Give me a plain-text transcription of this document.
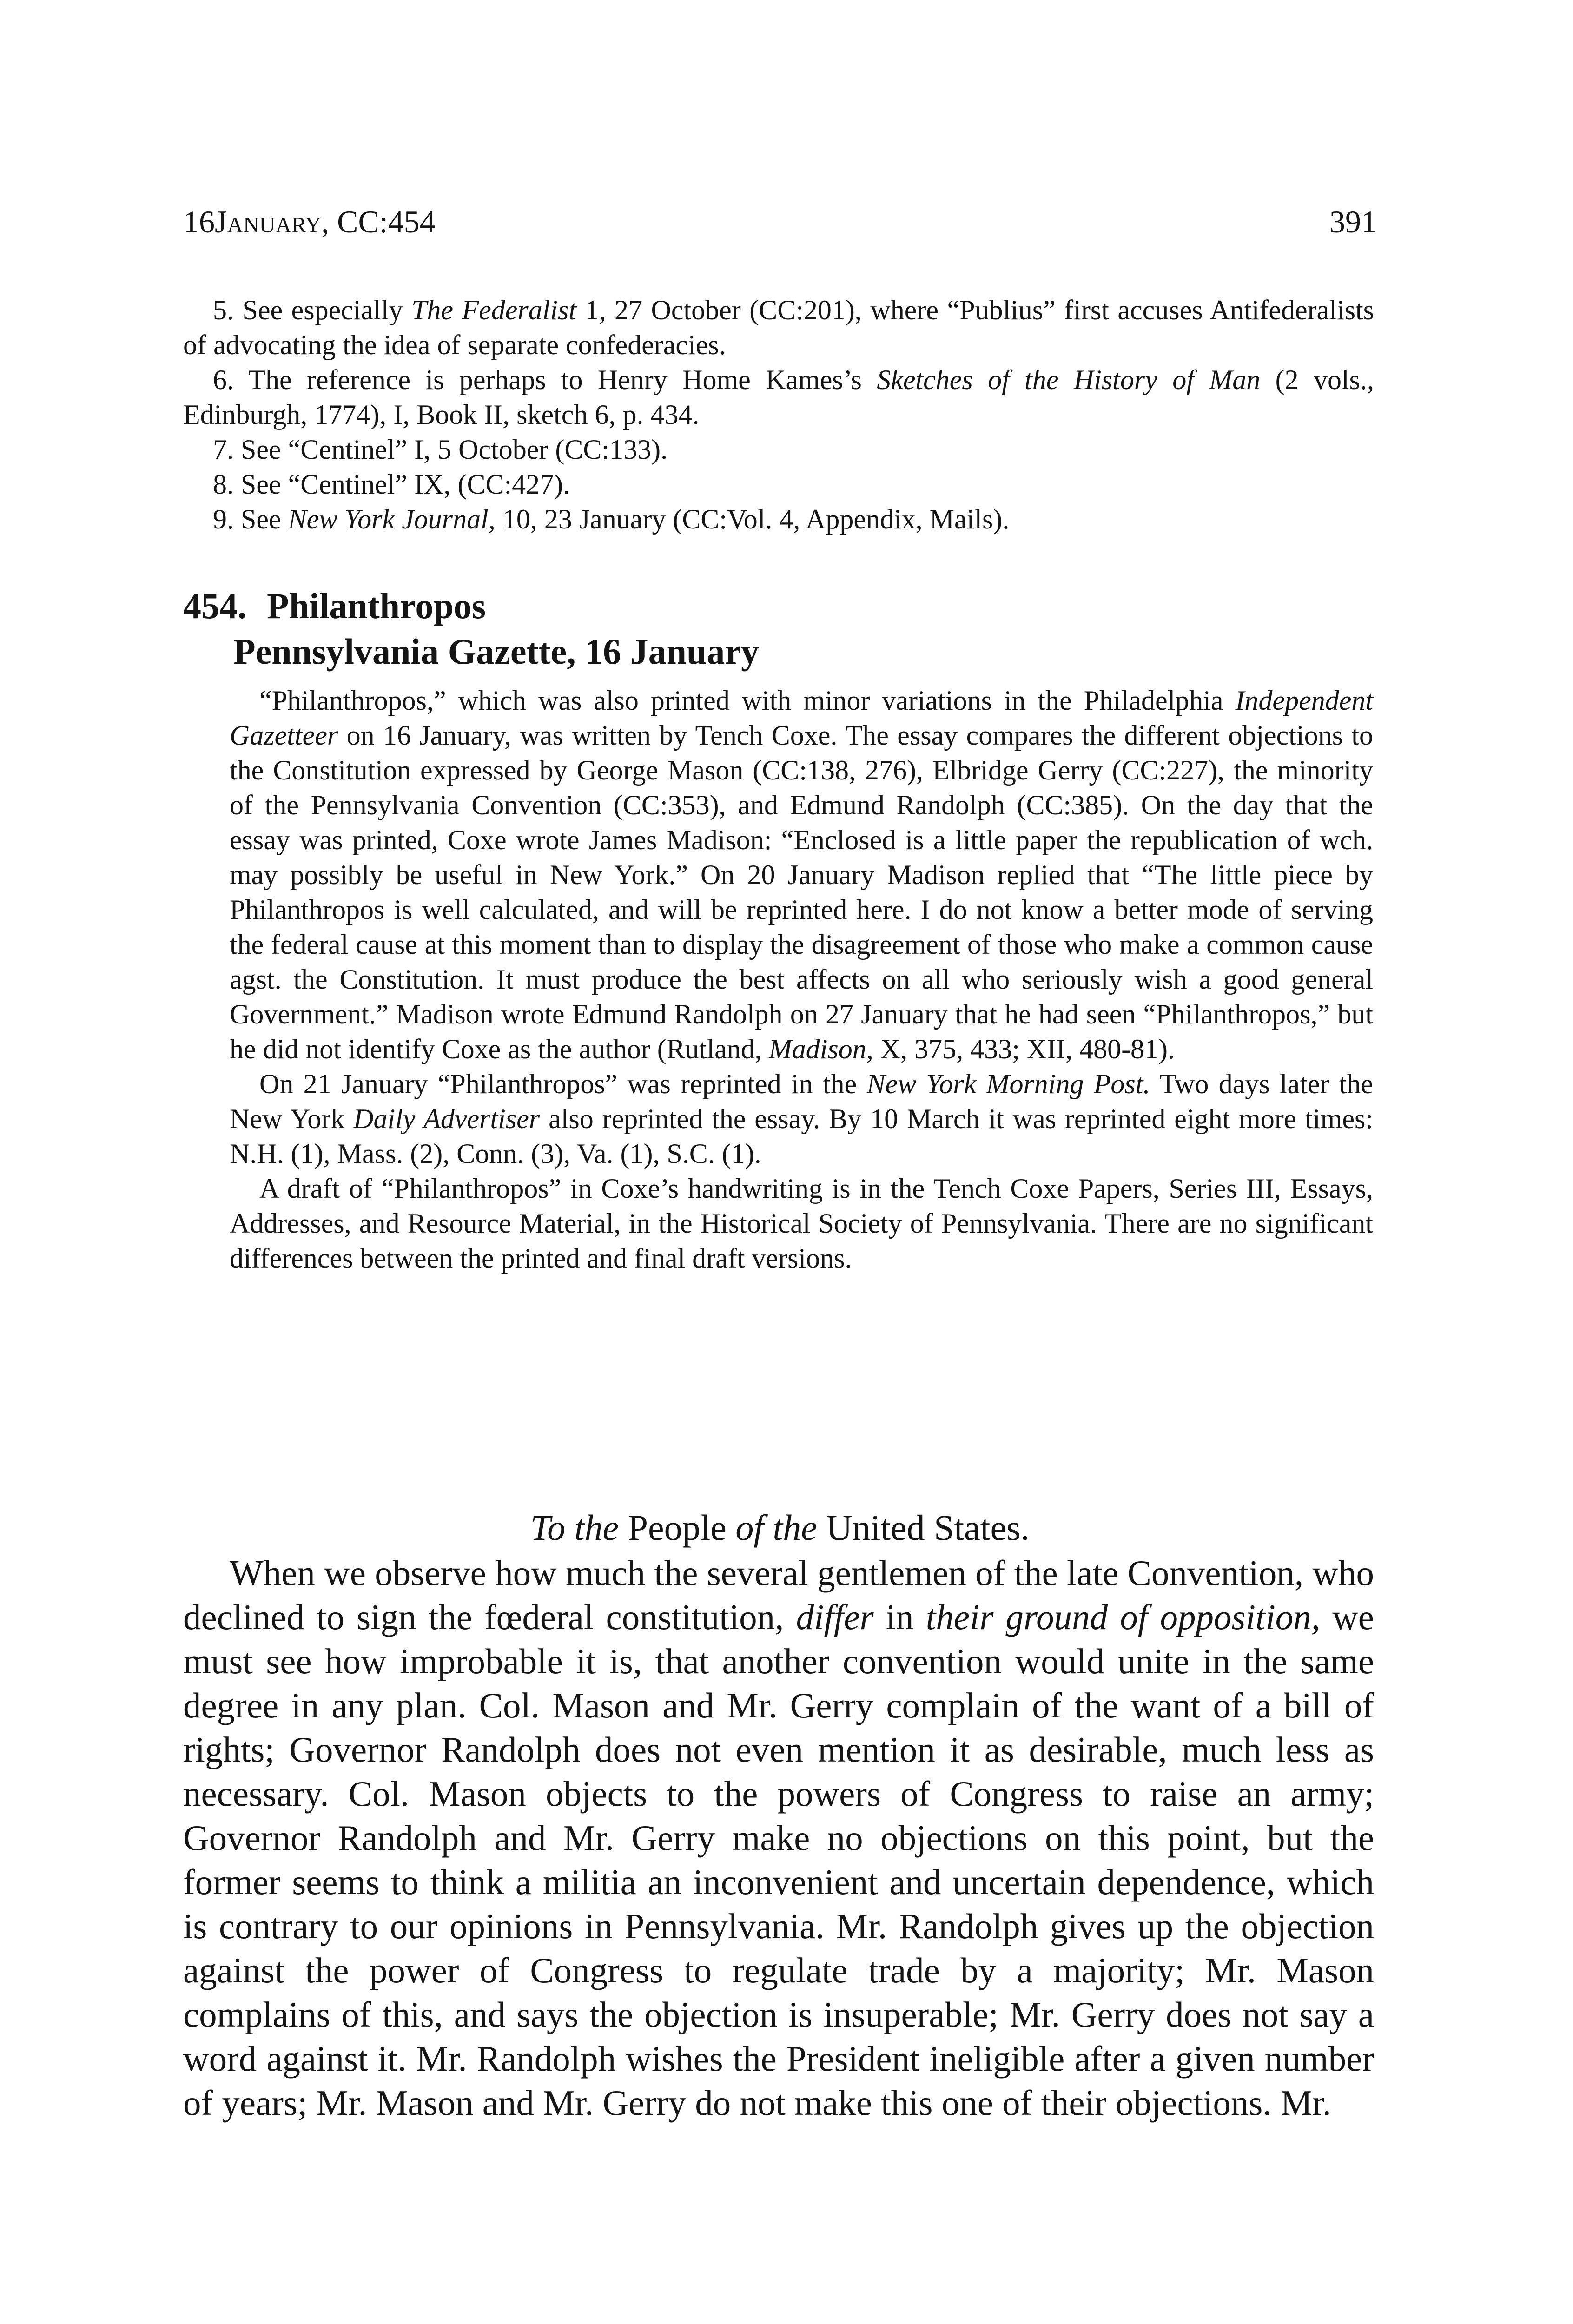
16January, CC:454	391

5. See especially The Federalist 1, 27 October (CC:201), where “Publius” first accuses Antifederalists of advocating the idea of separate confederacies.

6. The reference is perhaps to Henry Home Kames’s Sketches of the History of Man (2 vols., Edinburgh, 1774), I, Book II, sketch 6, p. 434.

7. See “Centinel” I, 5 October (CC:133).

8. See “Centinel” IX, (CC:427).

9. See New York Journal, 10, 23 January (CC:Vol. 4, Appendix, Mails).

454. Philanthropos
Pennsylvania Gazette, 16 January

“Philanthropos,” which was also printed with minor variations in the Philadelphia Independent Gazetteer on 16 January, was written by Tench Coxe. The essay compares the different objections to the Constitution expressed by George Mason (CC:138, 276), Elbridge Gerry (CC:227), the minority of the Pennsylvania Convention (CC:353), and Edmund Randolph (CC:385). On the day that the essay was printed, Coxe wrote James Madison: “Enclosed is a little paper the republication of wch. may possibly be useful in New York.” On 20 January Madison replied that “The little piece by Philanthropos is well calculated, and will be reprinted here. I do not know a better mode of serving the federal cause at this moment than to display the disagreement of those who make a common cause agst. the Constitution. It must produce the best affects on all who seriously wish a good general Government.” Madison wrote Edmund Randolph on 27 January that he had seen “Philanthropos,” but he did not identify Coxe as the author (Rutland, Madison, X, 375, 433; XII, 480-81).

On 21 January “Philanthropos” was reprinted in the New York Morning Post. Two days later the New York Daily Advertiser also reprinted the essay. By 10 March it was reprinted eight more times: N.H. (1), Mass. (2), Conn. (3), Va. (1), S.C. (1).

A draft of “Philanthropos” in Coxe’s handwriting is in the Tench Coxe Papers, Series III, Essays, Addresses, and Resource Material, in the Historical Society of Pennsylvania. There are no significant differences between the printed and final draft versions.

To the People of the United States.

When we observe how much the several gentlemen of the late Convention, who declined to sign the fœderal constitution, differ in their ground of opposition, we must see how improbable it is, that another convention would unite in the same degree in any plan. Col. Mason and Mr. Gerry complain of the want of a bill of rights; Governor Randolph does not even mention it as desirable, much less as necessary. Col. Mason objects to the powers of Congress to raise an army; Governor Randolph and Mr. Gerry make no objections on this point, but the former seems to think a militia an inconvenient and uncertain dependence, which is contrary to our opinions in Pennsylvania. Mr. Randolph gives up the objection against the power of Congress to regulate trade by a majority; Mr. Mason complains of this, and says the objection is insuperable; Mr. Gerry does not say a word against it. Mr. Randolph wishes the President ineligible after a given number of years; Mr. Mason and Mr. Gerry do not make this one of their objections. Mr.
